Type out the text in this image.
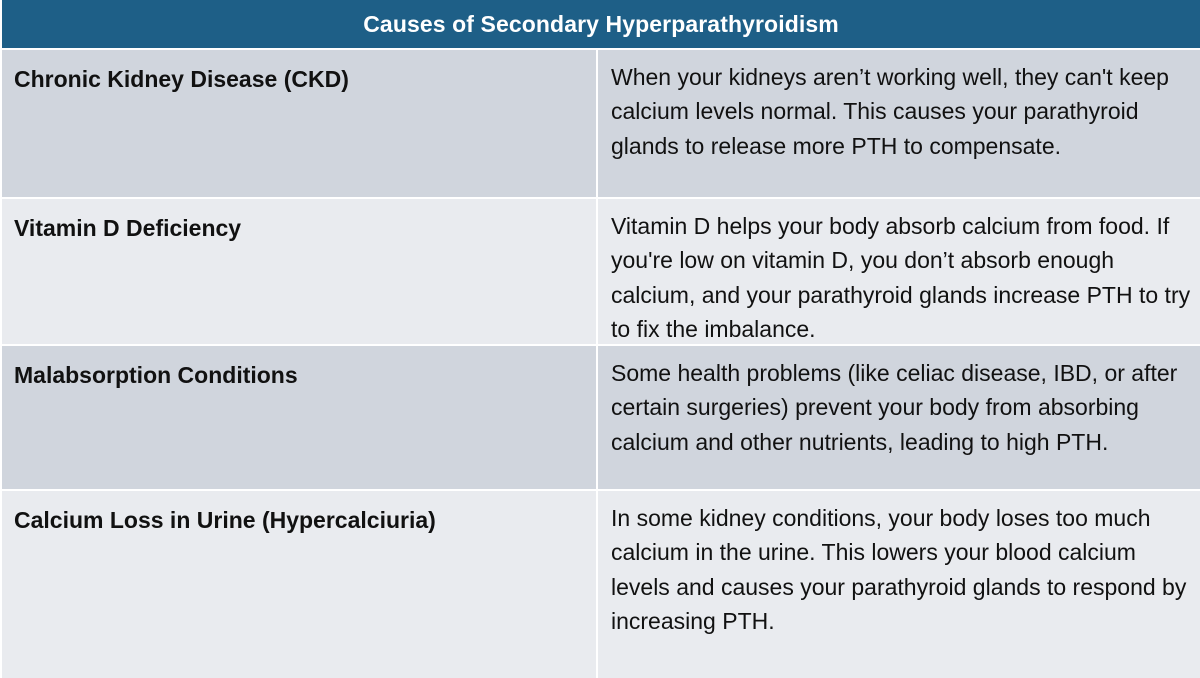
Causes of Secondary Hyperparathyroidism
Chronic Kidney Disease (CKD)	When your kidneys aren’t working well, they can't keep calcium levels normal. This causes your parathyroid glands to release more PTH to compensate.
Vitamin D Deficiency	Vitamin D helps your body absorb calcium from food. If you're low on vitamin D, you don’t absorb enough calcium, and your parathyroid glands increase PTH to try to fix the imbalance.
Malabsorption Conditions	Some health problems (like celiac disease, IBD, or after certain surgeries) prevent your body from absorbing calcium and other nutrients, leading to high PTH.
Calcium Loss in Urine (Hypercalciuria)	In some kidney conditions, your body loses too much calcium in the urine. This lowers your blood calcium levels and causes your parathyroid glands to respond by increasing PTH.
